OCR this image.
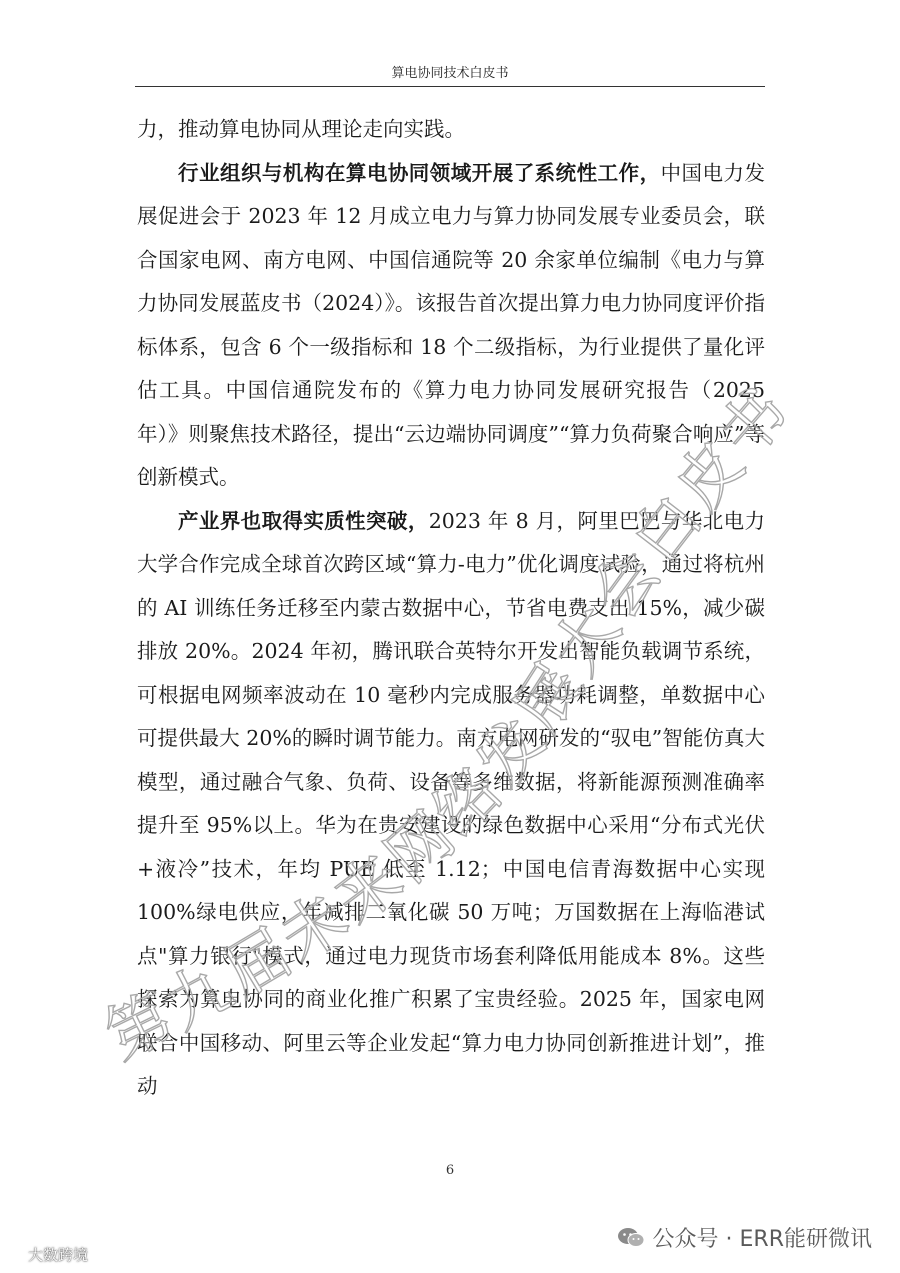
算电协同技术白皮书

力，推动算电协同从理论走向实践。

行业组织与机构在算电协同领域开展了系统性工作，中国电力发展促进会于 2023 年 12 月成立电力与算力协同发展专业委员会，联合国家电网、南方电网、中国信通院等 20 余家单位编制《电力与算力协同发展蓝皮书（2024）》。该报告首次提出算力电力协同度评价指标体系，包含 6 个一级指标和 18 个二级指标，为行业提供了量化评估工具。中国信通院发布的《算力电力协同发展研究报告（2025 年）》则聚焦技术路径，提出“云边端协同调度”“算力负荷聚合响应”等创新模式。

产业界也取得实质性突破，2023 年 8 月，阿里巴巴与华北电力大学合作完成全球首次跨区域“算力-电力”优化调度试验，通过将杭州的 AI 训练任务迁移至内蒙古数据中心，节省电费支出 15%，减少碳排放 20%。2024 年初，腾讯联合英特尔开发出智能负载调节系统，可根据电网频率波动在 10 毫秒内完成服务器功耗调整，单数据中心可提供最大 20%的瞬时调节能力。南方电网研发的“驭电”智能仿真大模型，通过融合气象、负荷、设备等多维数据，将新能源预测准确率提升至 95%以上。华为在贵安建设的绿色数据中心采用“分布式光伏+液冷”技术，年均 PUE 低至 1.12；中国电信青海数据中心实现 100%绿电供应，年减排二氧化碳 50 万吨；万国数据在上海临港试点"算力银行"模式，通过电力现货市场套利降低用能成本 8%。这些探索为算电协同的商业化推广积累了宝贵经验。2025 年，国家电网联合中国移动、阿里云等企业发起“算力电力协同创新推进计划”，推动

第九届未来网络发展大会白皮书
6
公众号 · ERR能研微讯
大数跨境
